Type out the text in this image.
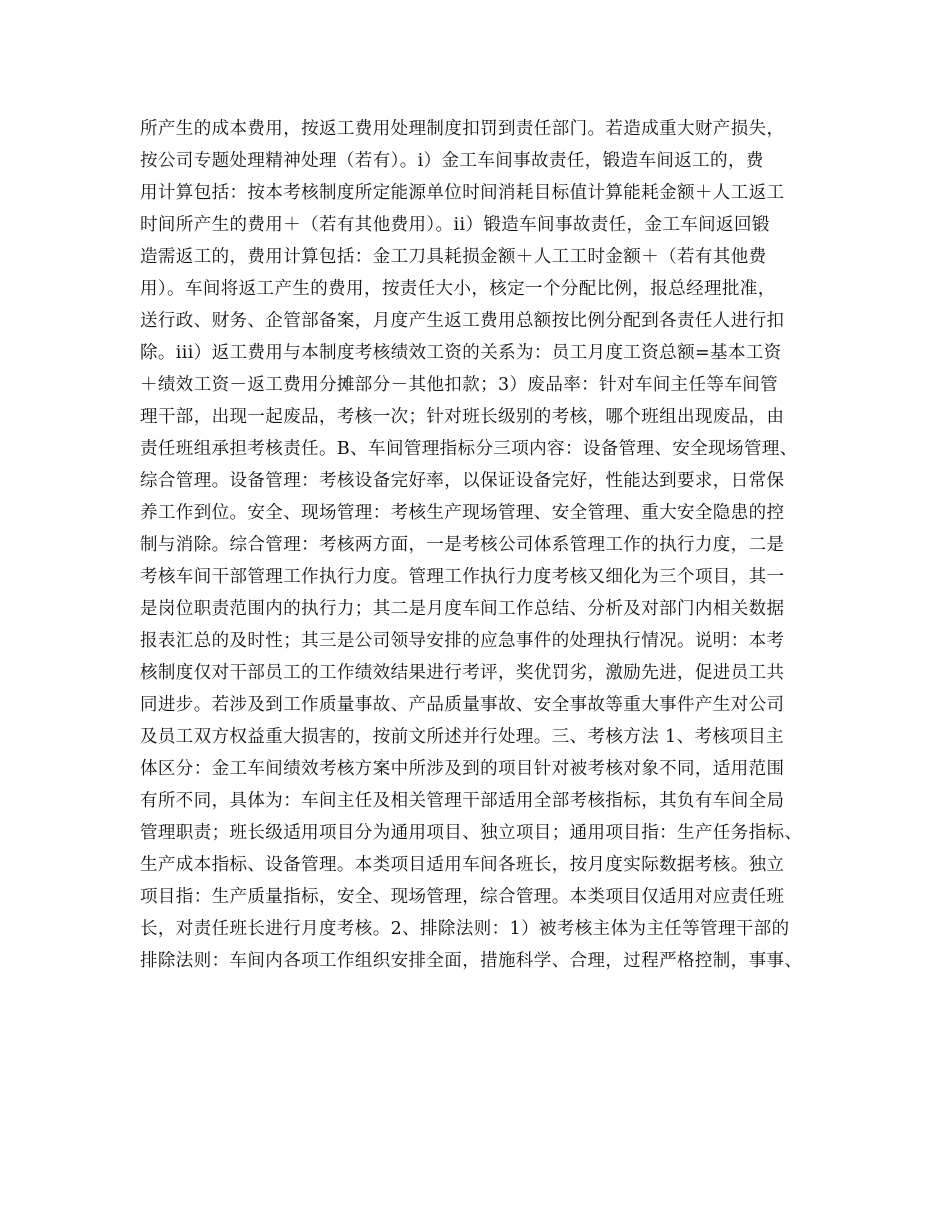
所产生的成本费用，按返工费用处理制度扣罚到责任部门。若造成重大财产损失，
按公司专题处理精神处理（若有）。i）金工车间事故责任，锻造车间返工的，费
用计算包括：按本考核制度所定能源单位时间消耗目标值计算能耗金额＋人工返工
时间所产生的费用＋（若有其他费用）。ii）锻造车间事故责任，金工车间返回锻
造需返工的，费用计算包括：金工刀具耗损金额＋人工工时金额＋（若有其他费
用）。车间将返工产生的费用，按责任大小，核定一个分配比例，报总经理批准，
送行政、财务、企管部备案，月度产生返工费用总额按比例分配到各责任人进行扣
除。iii）返工费用与本制度考核绩效工资的关系为：员工月度工资总额=基本工资
＋绩效工资－返工费用分摊部分－其他扣款；3）废品率：针对车间主任等车间管
理干部，出现一起废品，考核一次；针对班长级别的考核，哪个班组出现废品，由
责任班组承担考核责任。B、车间管理指标分三项内容：设备管理、安全现场管理、
综合管理。设备管理：考核设备完好率，以保证设备完好，性能达到要求，日常保
养工作到位。安全、现场管理：考核生产现场管理、安全管理、重大安全隐患的控
制与消除。综合管理：考核两方面，一是考核公司体系管理工作的执行力度，二是
考核车间干部管理工作执行力度。管理工作执行力度考核又细化为三个项目，其一
是岗位职责范围内的执行力；其二是月度车间工作总结、分析及对部门内相关数据
报表汇总的及时性；其三是公司领导安排的应急事件的处理执行情况。说明：本考
核制度仅对干部员工的工作绩效结果进行考评，奖优罚劣，激励先进，促进员工共
同进步。若涉及到工作质量事故、产品质量事故、安全事故等重大事件产生对公司
及员工双方权益重大损害的，按前文所述并行处理。三、考核方法 1、考核项目主
体区分：金工车间绩效考核方案中所涉及到的项目针对被考核对象不同，适用范围
有所不同，具体为：车间主任及相关管理干部适用全部考核指标，其负有车间全局
管理职责；班长级适用项目分为通用项目、独立项目；通用项目指：生产任务指标、
生产成本指标、设备管理。本类项目适用车间各班长，按月度实际数据考核。独立
项目指：生产质量指标，安全、现场管理，综合管理。本类项目仅适用对应责任班
长，对责任班长进行月度考核。2、排除法则：1）被考核主体为主任等管理干部的
排除法则：车间内各项工作组织安排全面，措施科学、合理，过程严格控制，事事、
